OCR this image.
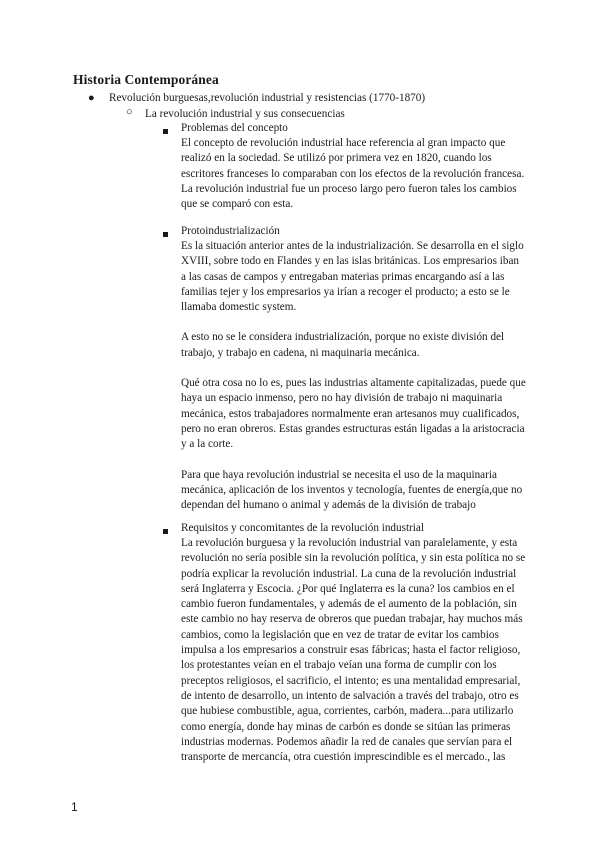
Historia Contemporánea
● Revolución burguesas,revolución industrial y resistencias (1770-1870)
○ La revolución industrial y sus consecuencias
Problemas del concepto

El concepto de revolución industrial hace referencia al gran impacto que realizó en la sociedad. Se utilizó por primera vez en 1820, cuando los escritores franceses lo comparaban con los efectos de la revolución francesa. La revolución industrial fue un proceso largo pero fueron tales los cambios que se comparó con esta.

Protoindustrialización

Es la situación anterior antes de la industrialización. Se desarrolla en el siglo XVIII, sobre todo en Flandes y en las islas británicas. Los empresarios iban a las casas de campos y entregaban materias primas encargando así a las familias tejer y los empresarios ya irían a recoger el producto; a esto se le llamaba domestic system.

A esto no se le considera industrialización, porque no existe división del trabajo, y trabajo en cadena, ni maquinaria mecánica.

Qué otra cosa no lo es, pues las industrias altamente capitalizadas, puede que haya un espacio inmenso, pero no hay división de trabajo ni maquinaria mecánica, estos trabajadores normalmente eran artesanos muy cualificados, pero no eran obreros. Estas grandes estructuras están ligadas a la aristocracia y a la corte.

Para que haya revolución industrial se necesita el uso de la maquinaria mecánica, aplicación de los inventos y tecnología, fuentes de energía,que no dependan del humano o animal y además de la división de trabajo

Requisitos y concomitantes de la revolución industrial

La revolución burguesa y la revolución industrial van paralelamente, y esta revolución no sería posible sin la revolución política, y sin esta política no se podría explicar la revolución industrial. La cuna de la revolución industrial será Inglaterra y Escocia. ¿Por qué Inglaterra es la cuna? los cambios en el cambio fueron fundamentales, y además de el aumento de la población, sin este cambio no hay reserva de obreros que puedan trabajar, hay muchos más cambios, como la legislación que en vez de tratar de evitar los cambios impulsa a los empresarios a construir esas fábricas; hasta el factor religioso, los protestantes veían en el trabajo veían una forma de cumplir con los preceptos religiosos, el sacrificio, el intento; es una mentalidad empresarial, de intento de desarrollo, un intento de salvación a través del trabajo, otro es que hubiese combustible, agua, corrientes, carbón, madera...para utilizarlo como energía, donde hay minas de carbón es donde se sitúan las primeras industrias modernas. Podemos añadir la red de canales que servían para el transporte de mercancía, otra cuestión imprescindible es el mercado., las

1
